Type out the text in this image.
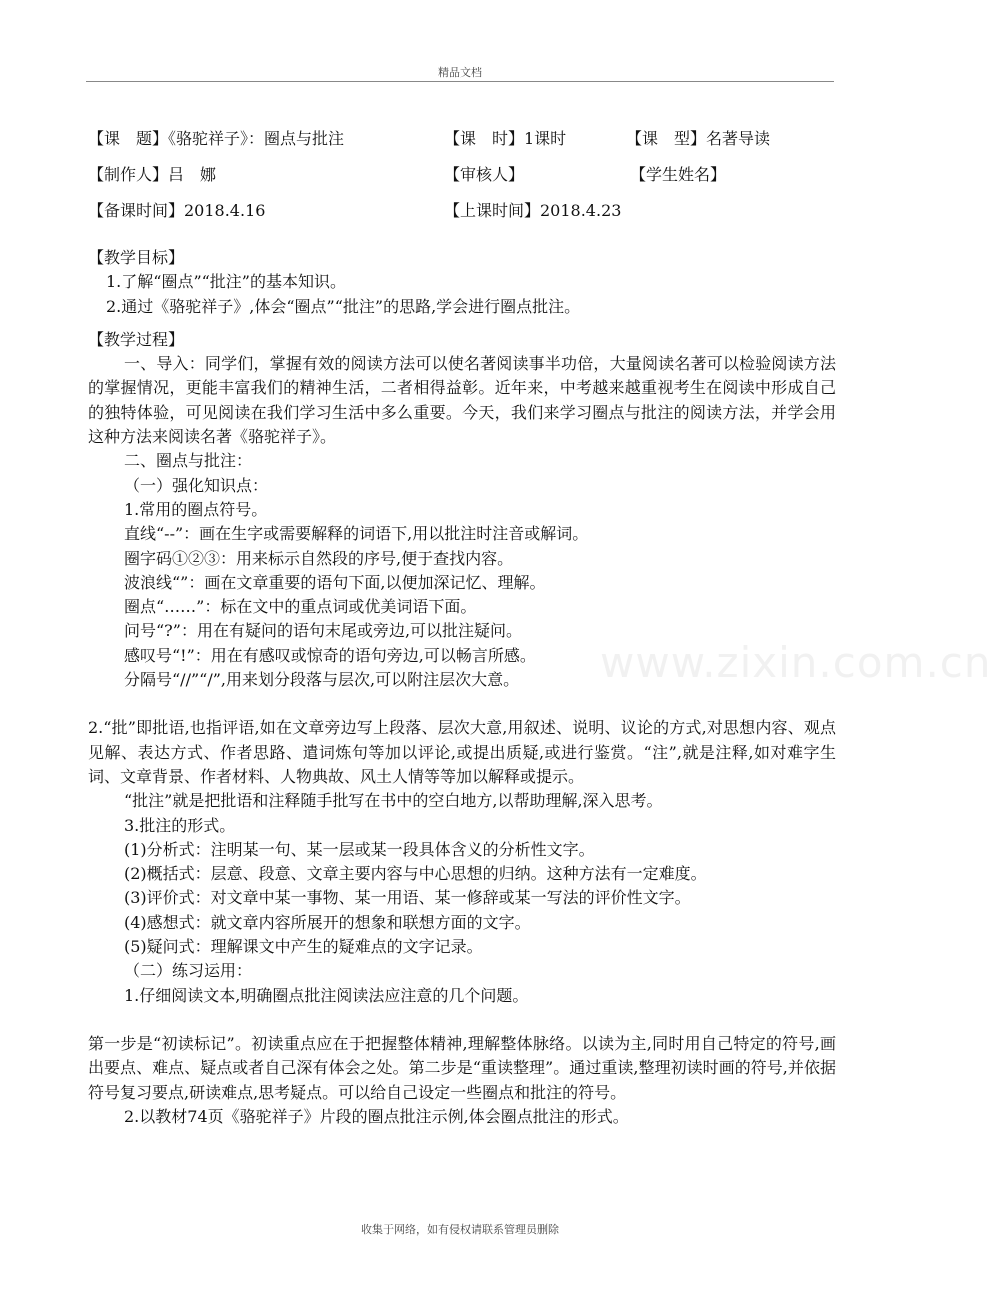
精品文档
www.zixin.com.cn
【课　题】《骆驼祥子》：圈点与批注	【课　时】1课时	【课　型】名著导读
【制作人】吕　娜	【审核人】	【学生姓名】
【备课时间】2018.4.16	【上课时间】2018.4.23

【教学目标】

1.了解“圈点”“批注”的基本知识。

2.通过《骆驼祥子》,体会“圈点”“批注”的思路,学会进行圈点批注。

【教学过程】

一、导入：同学们，掌握有效的阅读方法可以使名著阅读事半功倍，大量阅读名著可以检验阅读方法的掌握情况，更能丰富我们的精神生活，二者相得益彰。近年来，中考越来越重视考生在阅读中形成自己的独特体验，可见阅读在我们学习生活中多么重要。今天，我们来学习圈点与批注的阅读方法，并学会用这种方法来阅读名著《骆驼祥子》。

二、圈点与批注：

（一）强化知识点：

1.常用的圈点符号。

直线“--”：画在生字或需要解释的词语下,用以批注时注音或解词。

圈字码①②③：用来标示自然段的序号,便于查找内容。

波浪线“”：画在文章重要的语句下面,以便加深记忆、理解。

圈点“……”：标在文中的重点词或优美词语下面。

问号“?”：用在有疑问的语句末尾或旁边,可以批注疑问。

感叹号“!”：用在有感叹或惊奇的语句旁边,可以畅言所感。

分隔号“//”“/”,用来划分段落与层次,可以附注层次大意。

2.“批”即批语,也指评语,如在文章旁边写上段落、层次大意,用叙述、说明、议论的方式,对思想内容、观点见解、表达方式、作者思路、遣词炼句等加以评论,或提出质疑,或进行鉴赏。“注”,就是注释,如对难字生词、文章背景、作者材料、人物典故、风土人情等等加以解释或提示。

“批注”就是把批语和注释随手批写在书中的空白地方,以帮助理解,深入思考。

3.批注的形式。

(1)分析式：注明某一句、某一层或某一段具体含义的分析性文字。

(2)概括式：层意、段意、文章主要内容与中心思想的归纳。这种方法有一定难度。

(3)评价式：对文章中某一事物、某一用语、某一修辞或某一写法的评价性文字。

(4)感想式：就文章内容所展开的想象和联想方面的文字。

(5)疑问式：理解课文中产生的疑难点的文字记录。

（二）练习运用：

1.仔细阅读文本,明确圈点批注阅读法应注意的几个问题。

第一步是“初读标记”。初读重点应在于把握整体精神,理解整体脉络。以读为主,同时用自己特定的符号,画出要点、难点、疑点或者自己深有体会之处。第二步是“重读整理”。通过重读,整理初读时画的符号,并依据符号复习要点,研读难点,思考疑点。可以给自己设定一些圈点和批注的符号。

2.以教材74页《骆驼祥子》片段的圈点批注示例,体会圈点批注的形式。

收集于网络，如有侵权请联系管理员删除
